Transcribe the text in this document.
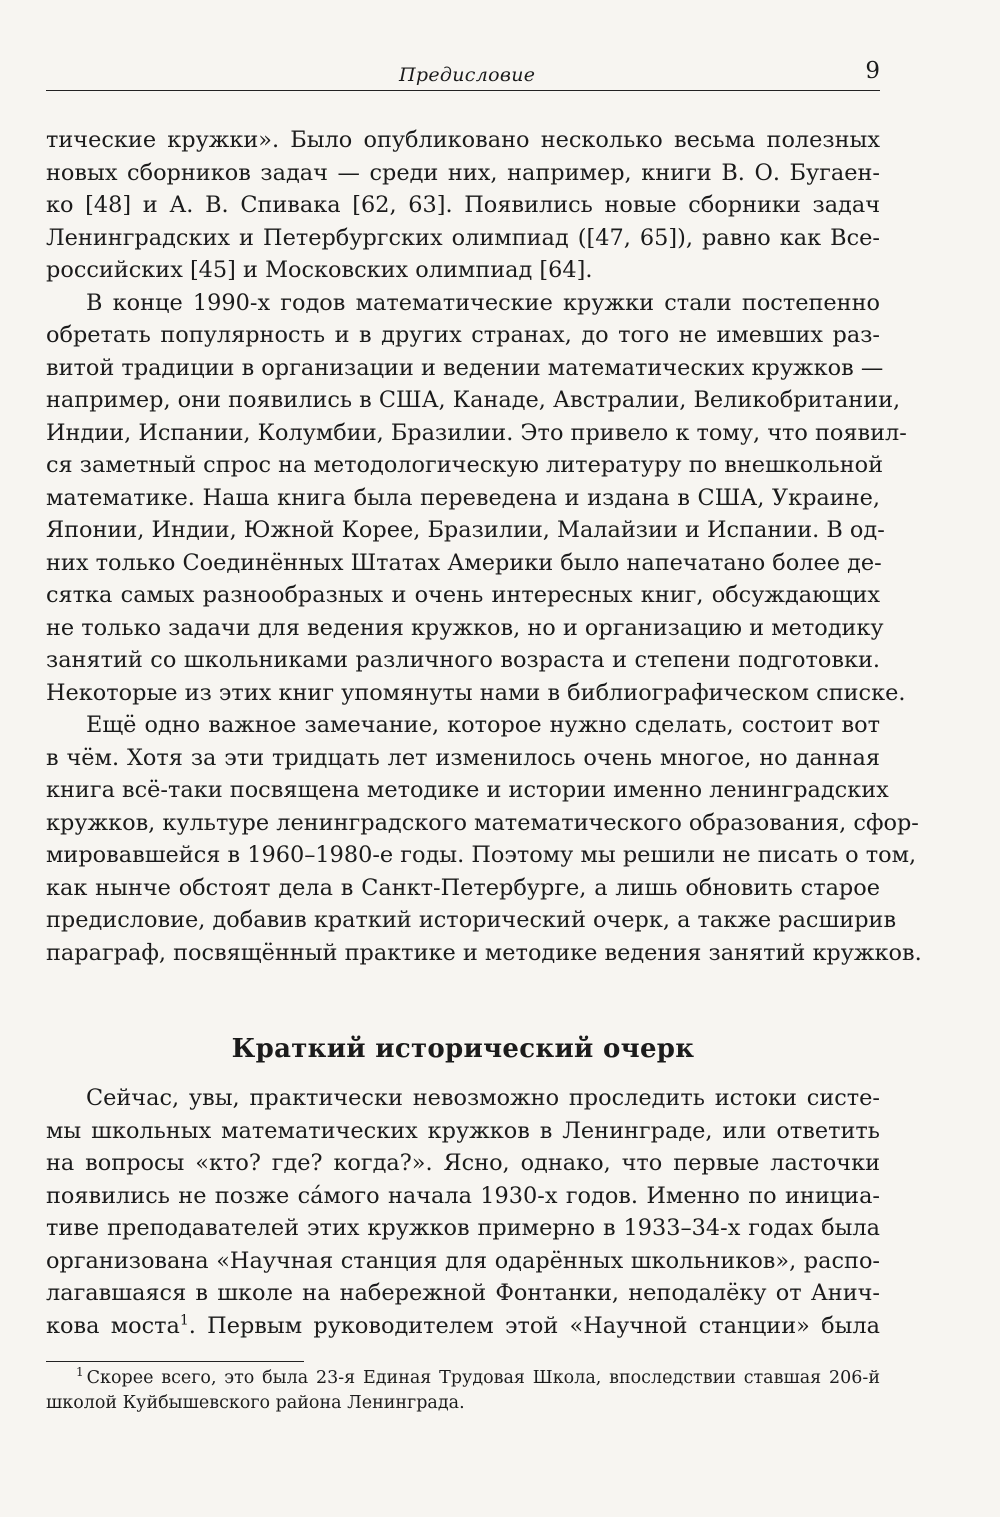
Предисловие	9
тические кружки». Было опубликовано несколько весьма полезных
новых сборников задач — среди них, например, книги В. О. Бугаен-
ко [48] и А. В. Спивака [62, 63]. Появились новые сборники задач
Ленинградских и Петербургских олимпиад ([47, 65]), равно как Все-
российских [45] и Московских олимпиад [64].
В конце 1990-х годов математические кружки стали постепенно
обретать популярность и в других странах, до того не имевших раз-
витой традиции в организации и ведении математических кружков —
например, они появились в США, Канаде, Австралии, Великобритании,
Индии, Испании, Колумбии, Бразилии. Это привело к тому, что появил-
ся заметный спрос на методологическую литературу по внешкольной
математике. Наша книга была переведена и издана в США, Украине,
Японии, Индии, Южной Корее, Бразилии, Малайзии и Испании. В од-
них только Соединённых Штатах Америки было напечатано более де-
сятка самых разнообразных и очень интересных книг, обсуждающих
не только задачи для ведения кружков, но и организацию и методику
занятий со школьниками различного возраста и степени подготовки.
Некоторые из этих книг упомянуты нами в библиографическом списке.
Ещё одно важное замечание, которое нужно сделать, состоит вот
в чём. Хотя за эти тридцать лет изменилось очень многое, но данная
книга всё-таки посвящена методике и истории именно ленинградских
кружков, культуре ленинградского математического образования, сфор-
мировавшейся в 1960–1980-е годы. Поэтому мы решили не писать о том,
как нынче обстоят дела в Санкт-Петербурге, а лишь обновить старое
предисловие, добавив краткий исторический очерк, а также расширив
параграф, посвящённый практике и методике ведения занятий кружков.
Краткий исторический очерк
Сейчас, увы, практически невозможно проследить истоки систе-
мы школьных математических кружков в Ленинграде, или ответить
на вопросы «кто? где? когда?». Ясно, однако, что первые ласточки
появились не позже са́мого начала 1930-х годов. Именно по инициа-
тиве преподавателей этих кружков примерно в 1933–34-х годах была
организована «Научная станция для одарённых школьников», распо-
лагавшаяся в школе на набережной Фонтанки, неподалёку от Анич-
кова моста$^1$. Первым руководителем этой «Научной станции» была
$^1$ Скорее всего, это была 23-я Единая Трудовая Школа, впоследствии ставшая 206-й
школой Куйбышевского района Ленинграда.
